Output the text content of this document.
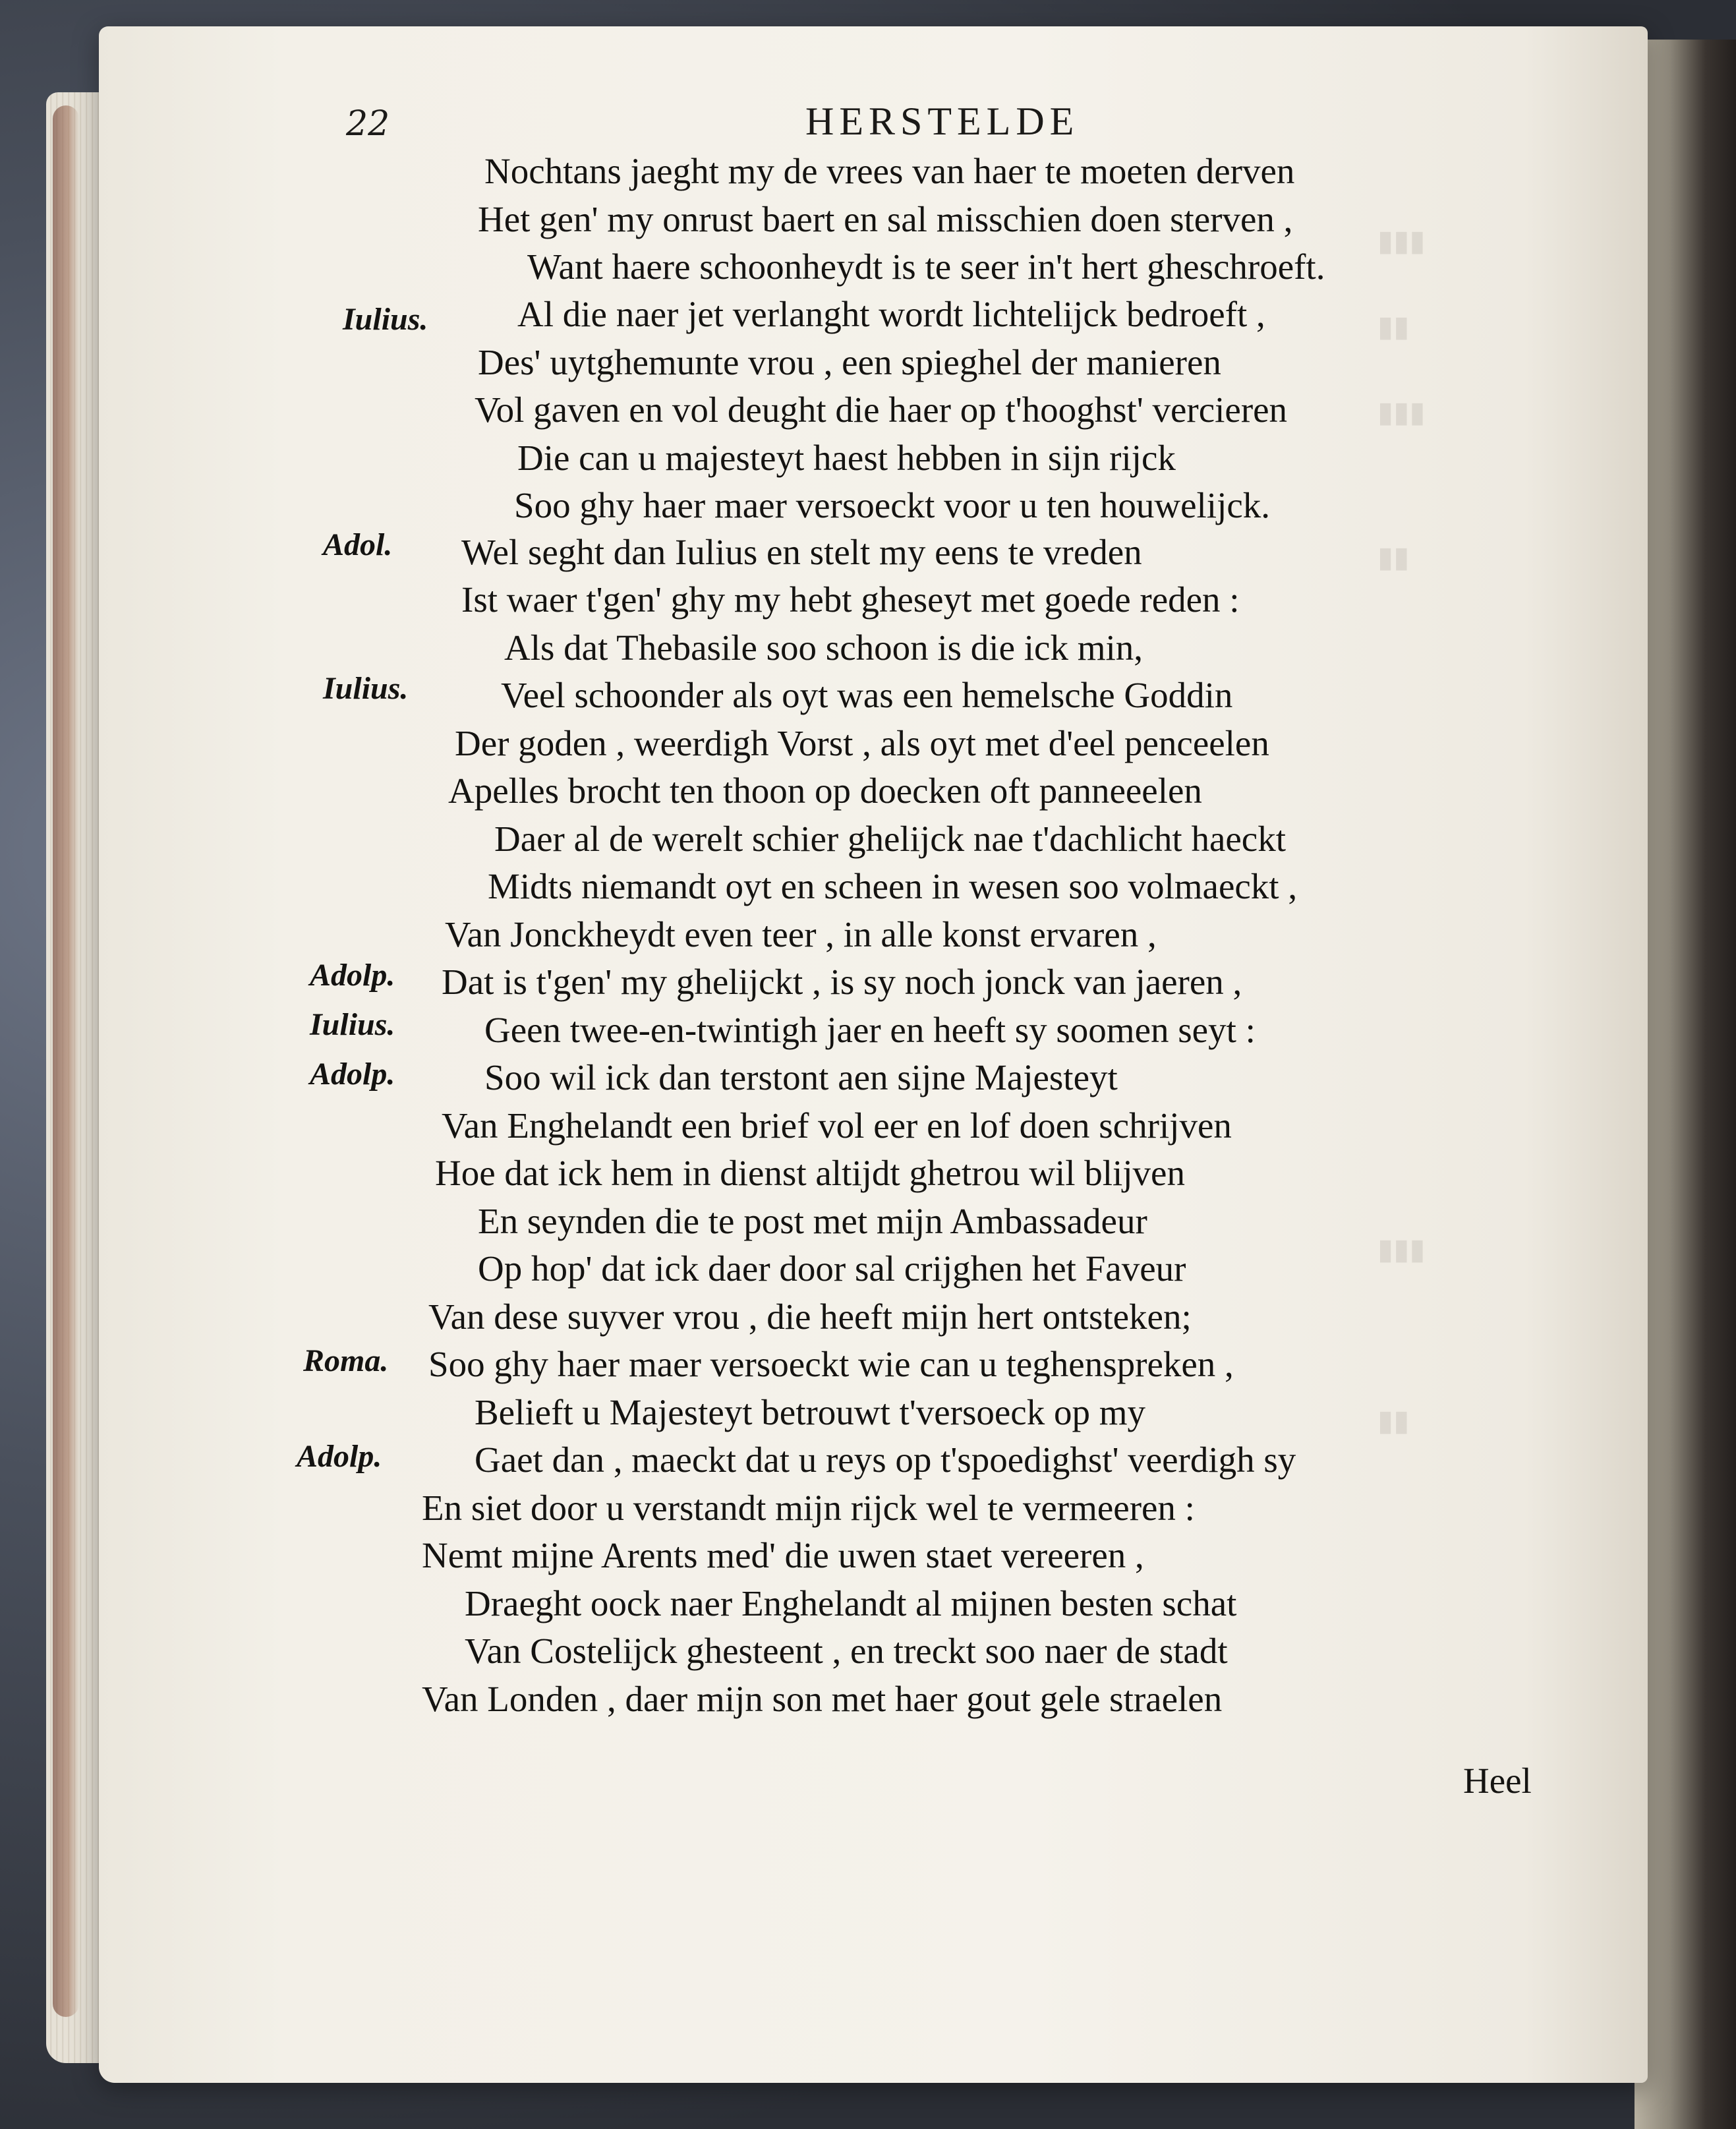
▮▮▮
▮▮
▮▮▮
▮▮
▮▮▮
▮▮
22	HERSTELDE
Iulius.
Adol.
Iulius.
Adolp.
Iulius.
Adolp.
Roma.
Adolp.
Nochtans jaeght my de vrees van haer te moeten derven
Het gen' my onrust baert en sal misschien doen sterven ,
Want haere schoonheydt is te seer in't hert gheschroeft.
Al die naer jet verlanght wordt lichtelijck bedroeft ,
Des' uytghemunte vrou , een spieghel der manieren
Vol gaven en vol deught die haer op t'hooghst' vercieren
Die can u majesteyt haest hebben in sijn rijck
Soo ghy haer maer versoeckt voor u ten houwelijck.
Wel seght dan Iulius en stelt my eens te vreden
Ist waer t'gen' ghy my hebt gheseyt met goede reden :
Als dat Thebasile soo schoon is die ick min,
Veel schoonder als oyt was een hemelsche Goddin
Der goden , weerdigh Vorst , als oyt met d'eel penceelen
Apelles brocht ten thoon op doecken oft panneeelen
Daer al de werelt schier ghelijck nae t'dachlicht haeckt
Midts niemandt oyt en scheen in wesen soo volmaeckt ,
Van Jonckheydt even teer , in alle konst ervaren ,
Dat is t'gen' my ghelijckt , is sy noch jonck van jaeren ,
Geen twee-en-twintigh jaer en heeft sy soomen seyt :
Soo wil ick dan terstont aen sijne Majesteyt
Van Enghelandt een brief vol eer en lof doen schrijven
Hoe dat ick hem in dienst altijdt ghetrou wil blijven
En seynden die te post met mijn Ambassadeur
Op hop' dat ick daer door sal crijghen het Faveur
Van dese suyver vrou , die heeft mijn hert ontsteken;
Soo ghy haer maer versoeckt wie can u teghenspreken ,
Belieft u Majesteyt betrouwt t'versoeck op my
Gaet dan , maeckt dat u reys op t'spoedighst' veerdigh sy
En siet door u verstandt mijn rijck wel te vermeeren :
Nemt mijne Arents med' die uwen staet vereeren ,
Draeght oock naer Enghelandt al mijnen besten schat
Van Costelijck ghesteent , en treckt soo naer de stadt
Van Londen , daer mijn son met haer gout gele straelen
Heel
